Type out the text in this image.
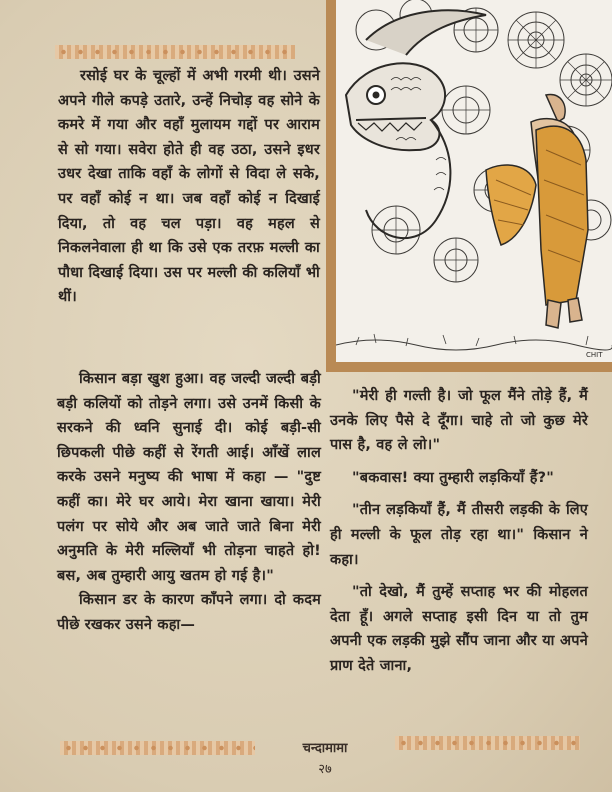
CHIT

रसोई घर के चूल्हों में अभी गरमी थी। उसने अपने गीले कपड़े उतारे, उन्हें निचोड़ वह सोने के कमरे में गया और वहाँ मुलायम गद्दों पर आराम से सो गया। सवेरा होते ही वह उठा, उसने इधर उधर देखा ताकि वहाँ के लोगों से विदा ले सके, पर वहाँ कोई न था। जब वहाँ कोई न दिखाई दिया, तो वह चल पड़ा। वह महल से निकलनेवाला ही था कि उसे एक तरफ़ मल्ली का पौधा दिखाई दिया। उस पर मल्ली की कलियाँ भी थीं।

किसान बड़ा खुश हुआ। वह जल्दी जल्दी बड़ी बड़ी कलियों को तोड़ने लगा। उसे उनमें किसी के सरकने की ध्वनि सुनाई दी। कोई बड़ी-सी छिपकली पीछे कहीं से रेंगती आई। आँखें लाल करके उसने मनुष्य की भाषा में कहा — "दुष्ट कहीं का। मेरे घर आये। मेरा खाना खाया। मेरी पलंग पर सोये और अब जाते जाते बिना मेरी अनुमति के मेरी मल्लियाँ भी तोड़ना चाहते हो! बस, अब तुम्हारी आयु खतम हो गई है।"

किसान डर के कारण काँपने लगा। दो कदम पीछे रखकर उसने कहा—

"मेरी ही गल्ती है। जो फूल मैंने तोड़े हैं, मैं उनके लिए पैसे दे दूँगा। चाहे तो जो कुछ मेरे पास है, वह ले लो।"

"बकवास! क्या तुम्हारी लड़कियाँ हैं?"

"तीन लड़कियाँ हैं, मैं तीसरी लड़की के लिए ही मल्ली के फूल तोड़ रहा था।" किसान ने कहा।

"तो देखो, मैं तुम्हें सप्ताह भर की मोहलत देता हूँ। अगले सप्ताह इसी दिन या तो तुम अपनी एक लड़की मुझे सौंप जाना और या अपने प्राण देते जाना,

चन्दामामा
२७
